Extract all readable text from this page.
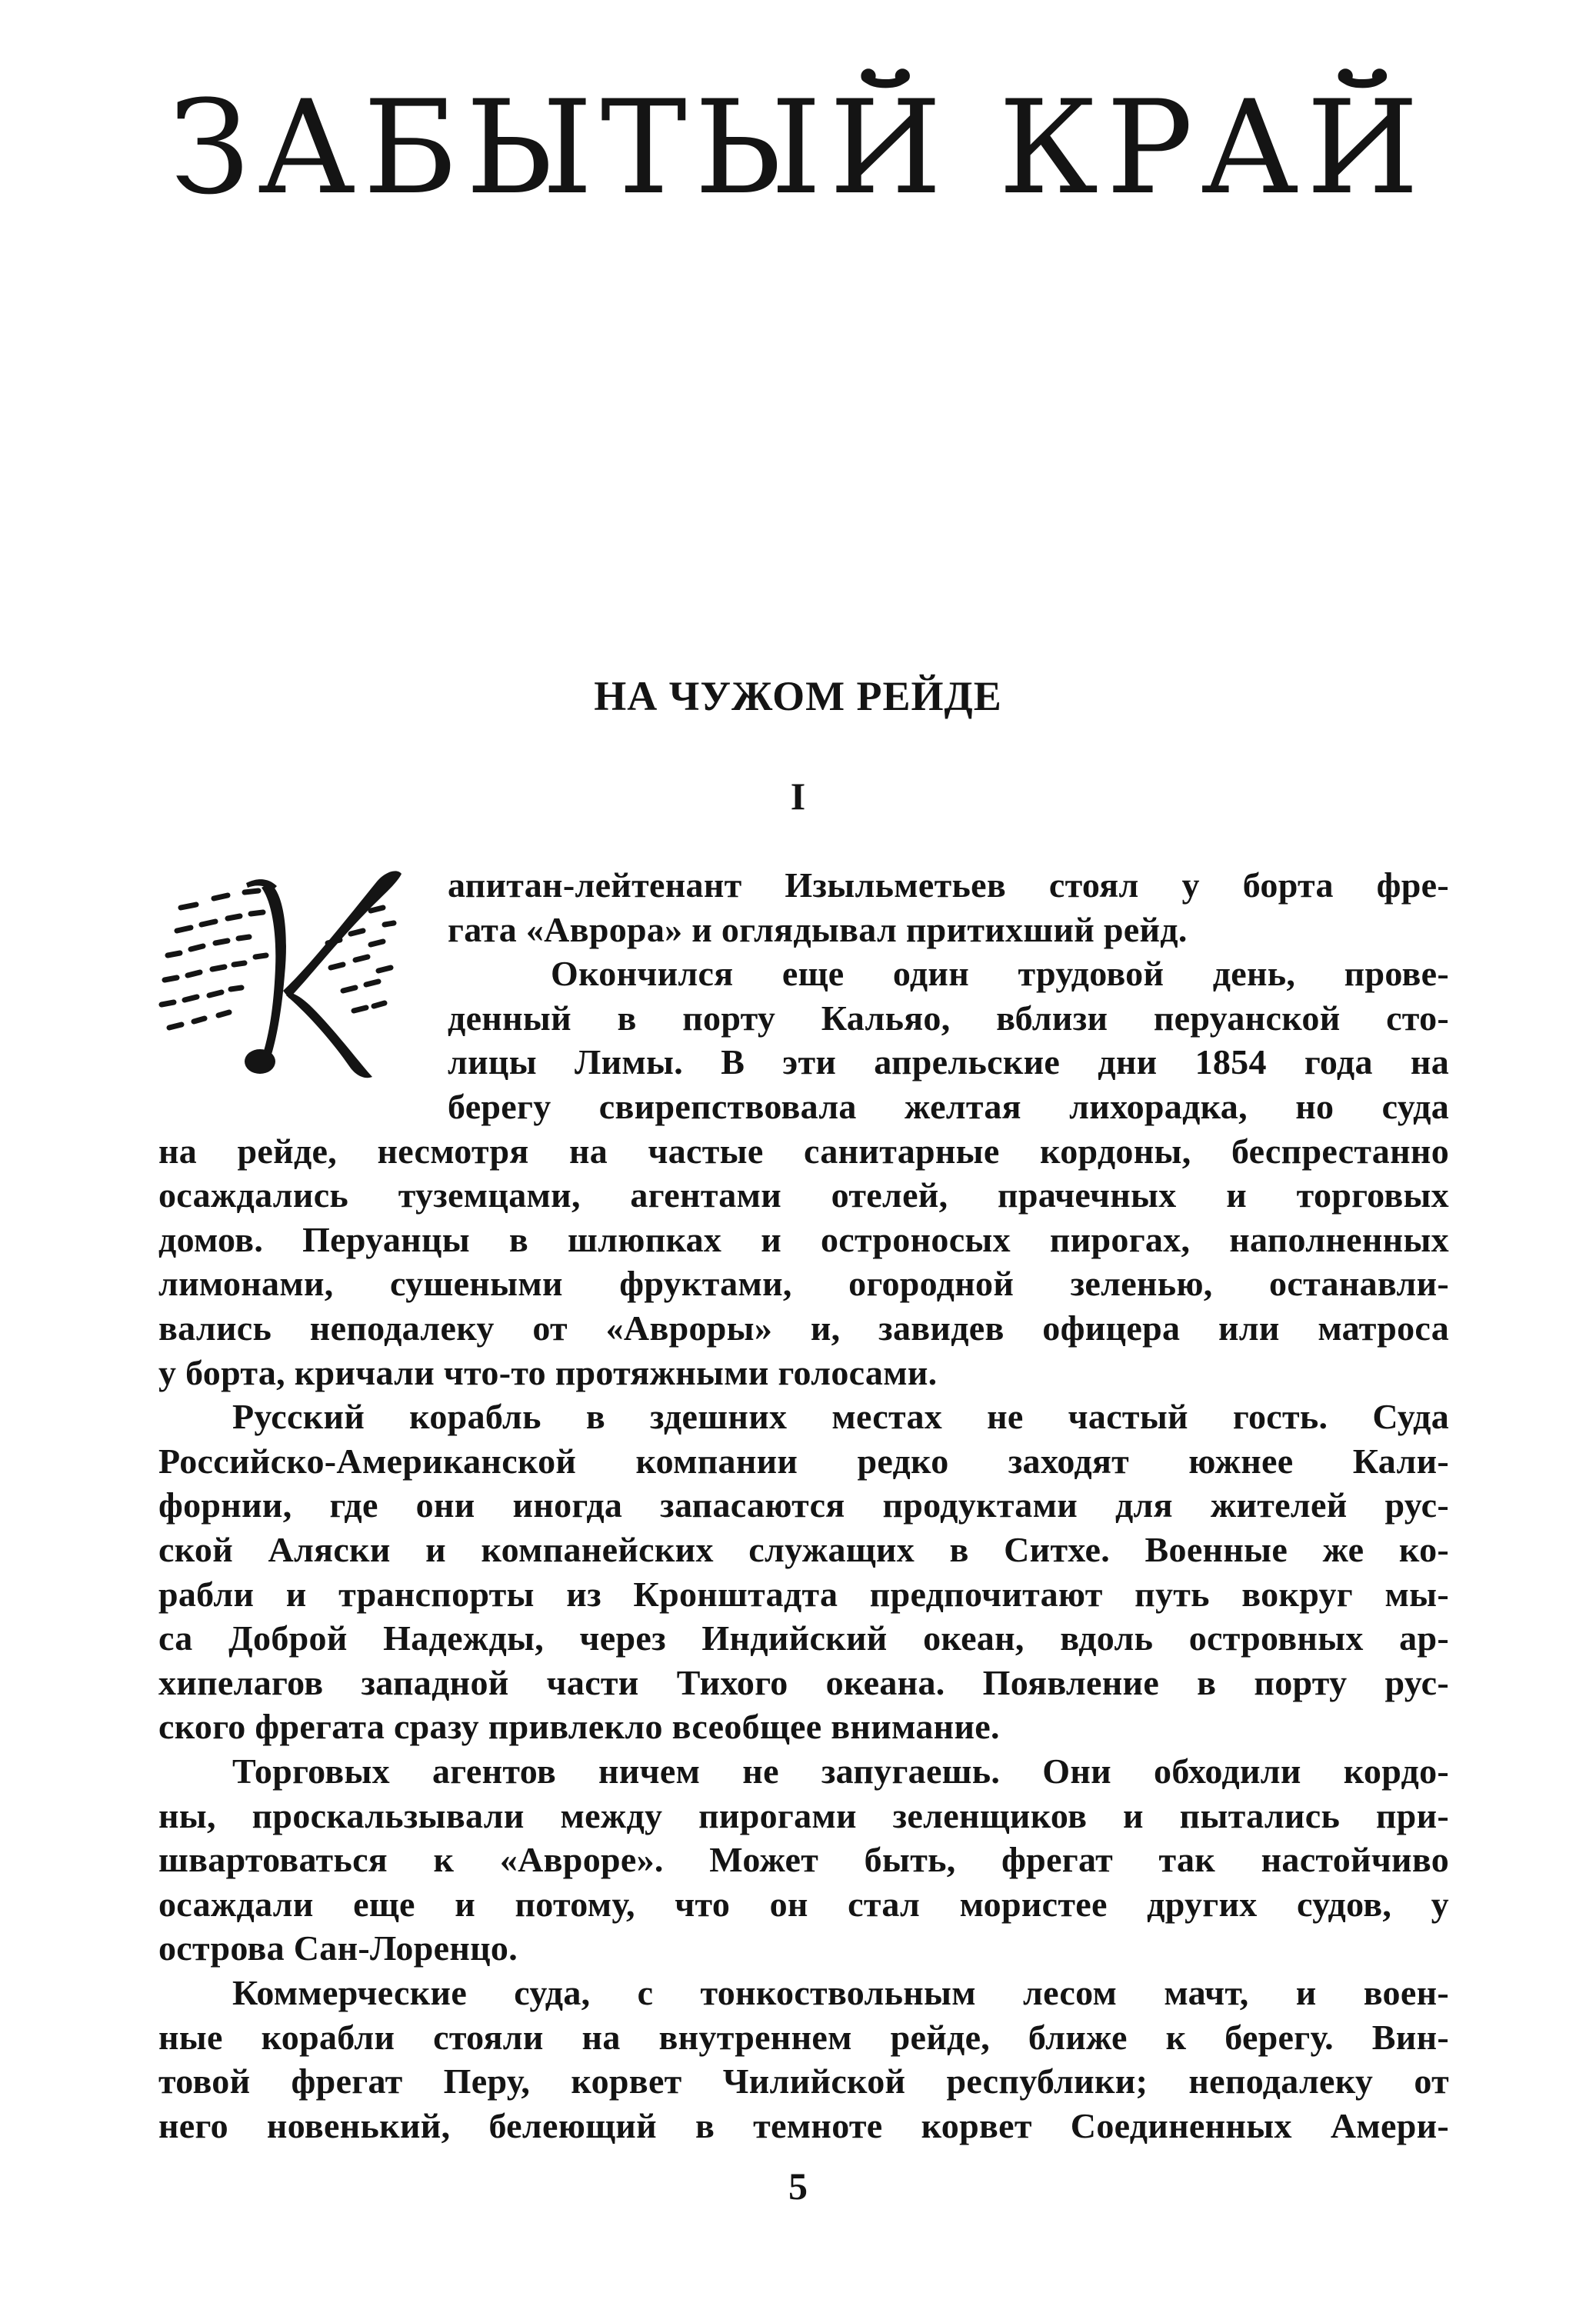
ЗАБЫТЫЙ КРАЙ
НА ЧУЖОМ РЕЙДЕ
I
апитан-лейтенант Изыльметьев стоял у борта фре-
гата «Аврора» и оглядывал притихший рейд.
Окончился еще один трудовой день, прове-
денный в порту Кальяо, вблизи перуанской сто-
лицы Лимы. В эти апрельские дни 1854 года на
берегу свирепствовала желтая лихорадка, но суда
на рейде, несмотря на частые санитарные кордоны, беспрестанно
осаждались туземцами, агентами отелей, прачечных и торговых
домов. Перуанцы в шлюпках и остроносых пирогах, наполненных
лимонами, сушеными фруктами, огородной зеленью, останавли-
вались неподалеку от «Авроры» и, завидев офицера или матроса
у борта, кричали что-то протяжными голосами.
Русский корабль в здешних местах не частый гость. Суда
Российско-Американской компании редко заходят южнее Кали-
форнии, где они иногда запасаются продуктами для жителей рус-
ской Аляски и компанейских служащих в Ситхе. Военные же ко-
рабли и транспорты из Кронштадта предпочитают путь вокруг мы-
са Доброй Надежды, через Индийский океан, вдоль островных ар-
хипелагов западной части Тихого океана. Появление в порту рус-
ского фрегата сразу привлекло всеобщее внимание.
Торговых агентов ничем не запугаешь. Они обходили кордо-
ны, проскальзывали между пирогами зеленщиков и пытались при-
швартоваться к «Авроре». Может быть, фрегат так настойчиво
осаждали еще и потому, что он стал мористее других судов, у
острова Сан-Лоренцо.
Коммерческие суда, с тонкоствольным лесом мачт, и воен-
ные корабли стояли на внутреннем рейде, ближе к берегу. Вин-
товой фрегат Перу, корвет Чилийской республики; неподалеку от
него новенький, белеющий в темноте корвет Соединенных Амери-
5
